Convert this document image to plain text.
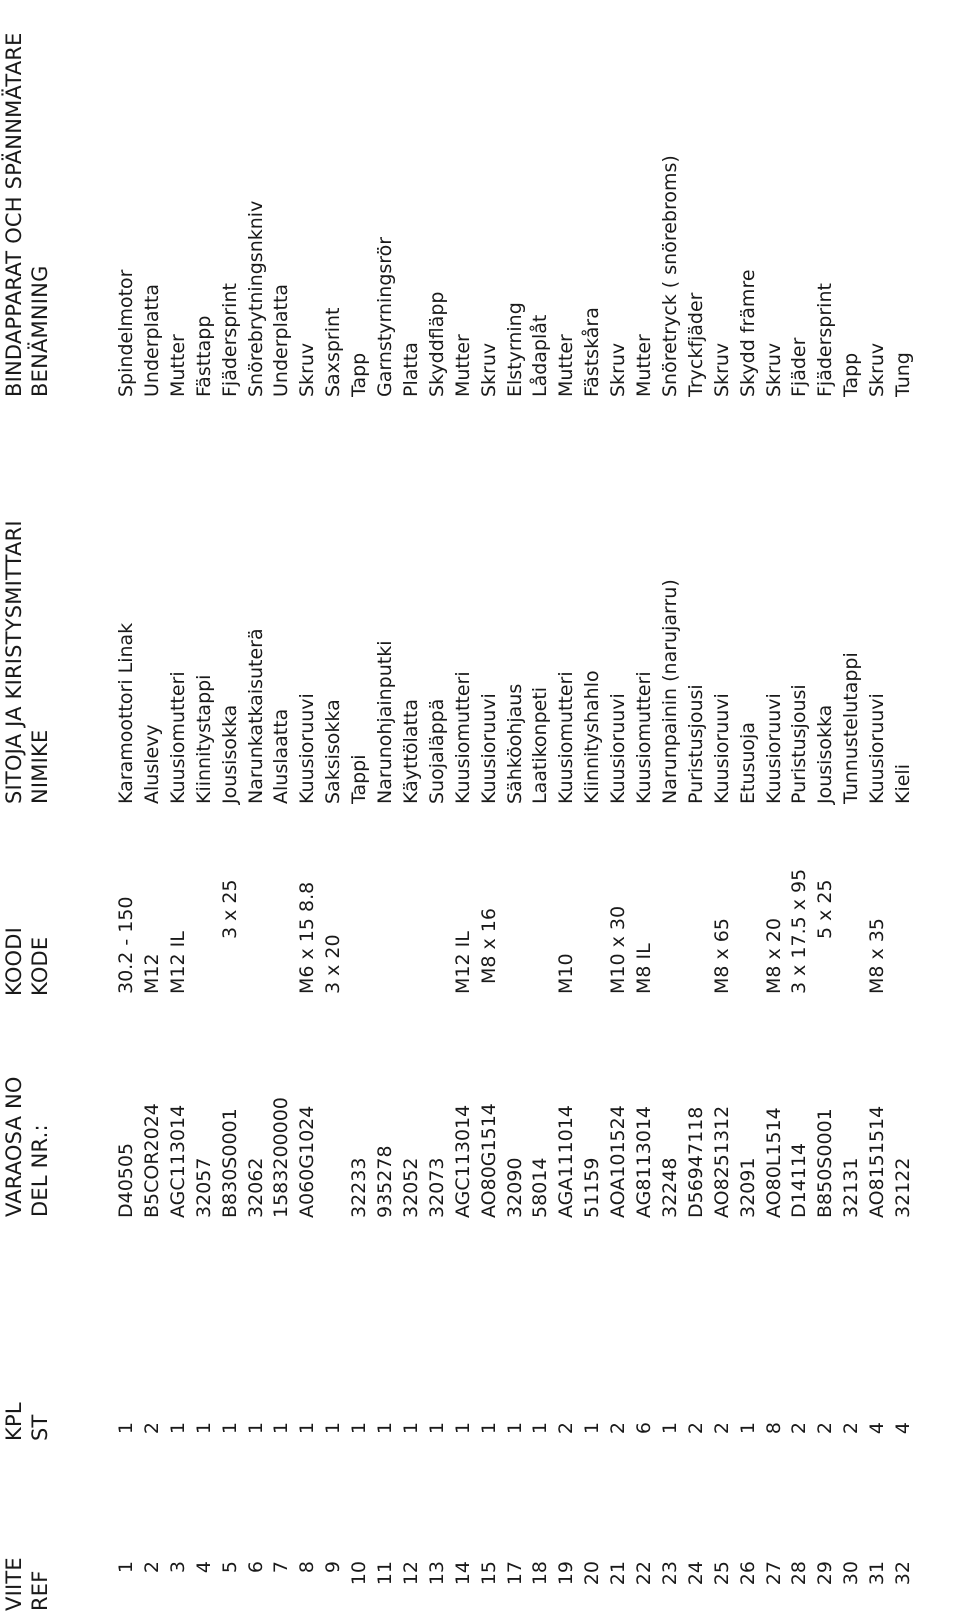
VIITE REF
KPL ST
VARAOSA NO DEL NR.:
KOODI KODE
SITOJA JA KIRISTYSMITTARI NIMIKE
BINDAPPARAT OCH SPÄNNMÄTARE BENÄMNING
1
1
D40505
30.2 - 150
Karamoottori Linak
Spindelmotor
2
2
B5COR2024
M12
Aluslevy
Underplatta
3
1
AGC113014
M12 IL
Kuusiomutteri
Mutter
4
1
32057
Kiinnitystappi
Fästtapp
5
1
B830S0001
3 x 25
Jousisokka
Fjädersprint
6
1
32062
Narunkatkaisuterä
Snörebrytningsnkniv
7
1
1583200000
Aluslaatta
Underplatta
8
1
A060G1024
M6 x 15 8.8
Kuusioruuvi
Skruv
9
1
3 x 20
Saksisokka
Saxsprint
10
1
32233
Tappi
Tapp
11
1
935278
Narunohjainputki
Garnstyrningsrör
12
1
32052
Käyttölatta
Platta
13
1
32073
Suojaläppä
Skyddfläpp
14
1
AGC113014
M12 IL
Kuusiomutteri
Mutter
15
1
AO80G1514
M8 x 16
Kuusioruuvi
Skruv
17
1
32090
Sähköohjaus
Elstyrning
18
1
58014
Laatikonpeti
Lådaplåt
19
2
AGA111014
M10
Kuusiomutteri
Mutter
20
1
51159
Kiinnityshahlo
Fästskåra
21
2
AOA101524
M10 x 30
Kuusioruuvi
Skruv
22
6
AG8113014
M8 IL
Kuusiomutteri
Mutter
23
1
32248
Narunpainin (narujarru)
Snöretryck ( snörebroms)
24
2
D56947118
Puristusjousi
Tryckfjäder
25
2
AO8251312
M8 x 65
Kuusioruuvi
Skruv
26
1
32091
Etusuoja
Skydd främre
27
8
AO80L1514
M8 x 20
Kuusioruuvi
Skruv
28
2
D14114
3 x 17.5 x 95
Puristusjousi
Fjäder
29
2
B850S0001
5 x 25
Jousisokka
Fjädersprint
30
2
32131
Tunnustelutappi
Tapp
31
4
AO8151514
M8 x 35
Kuusioruuvi
Skruv
32
4
32122
Kieli
Tung
